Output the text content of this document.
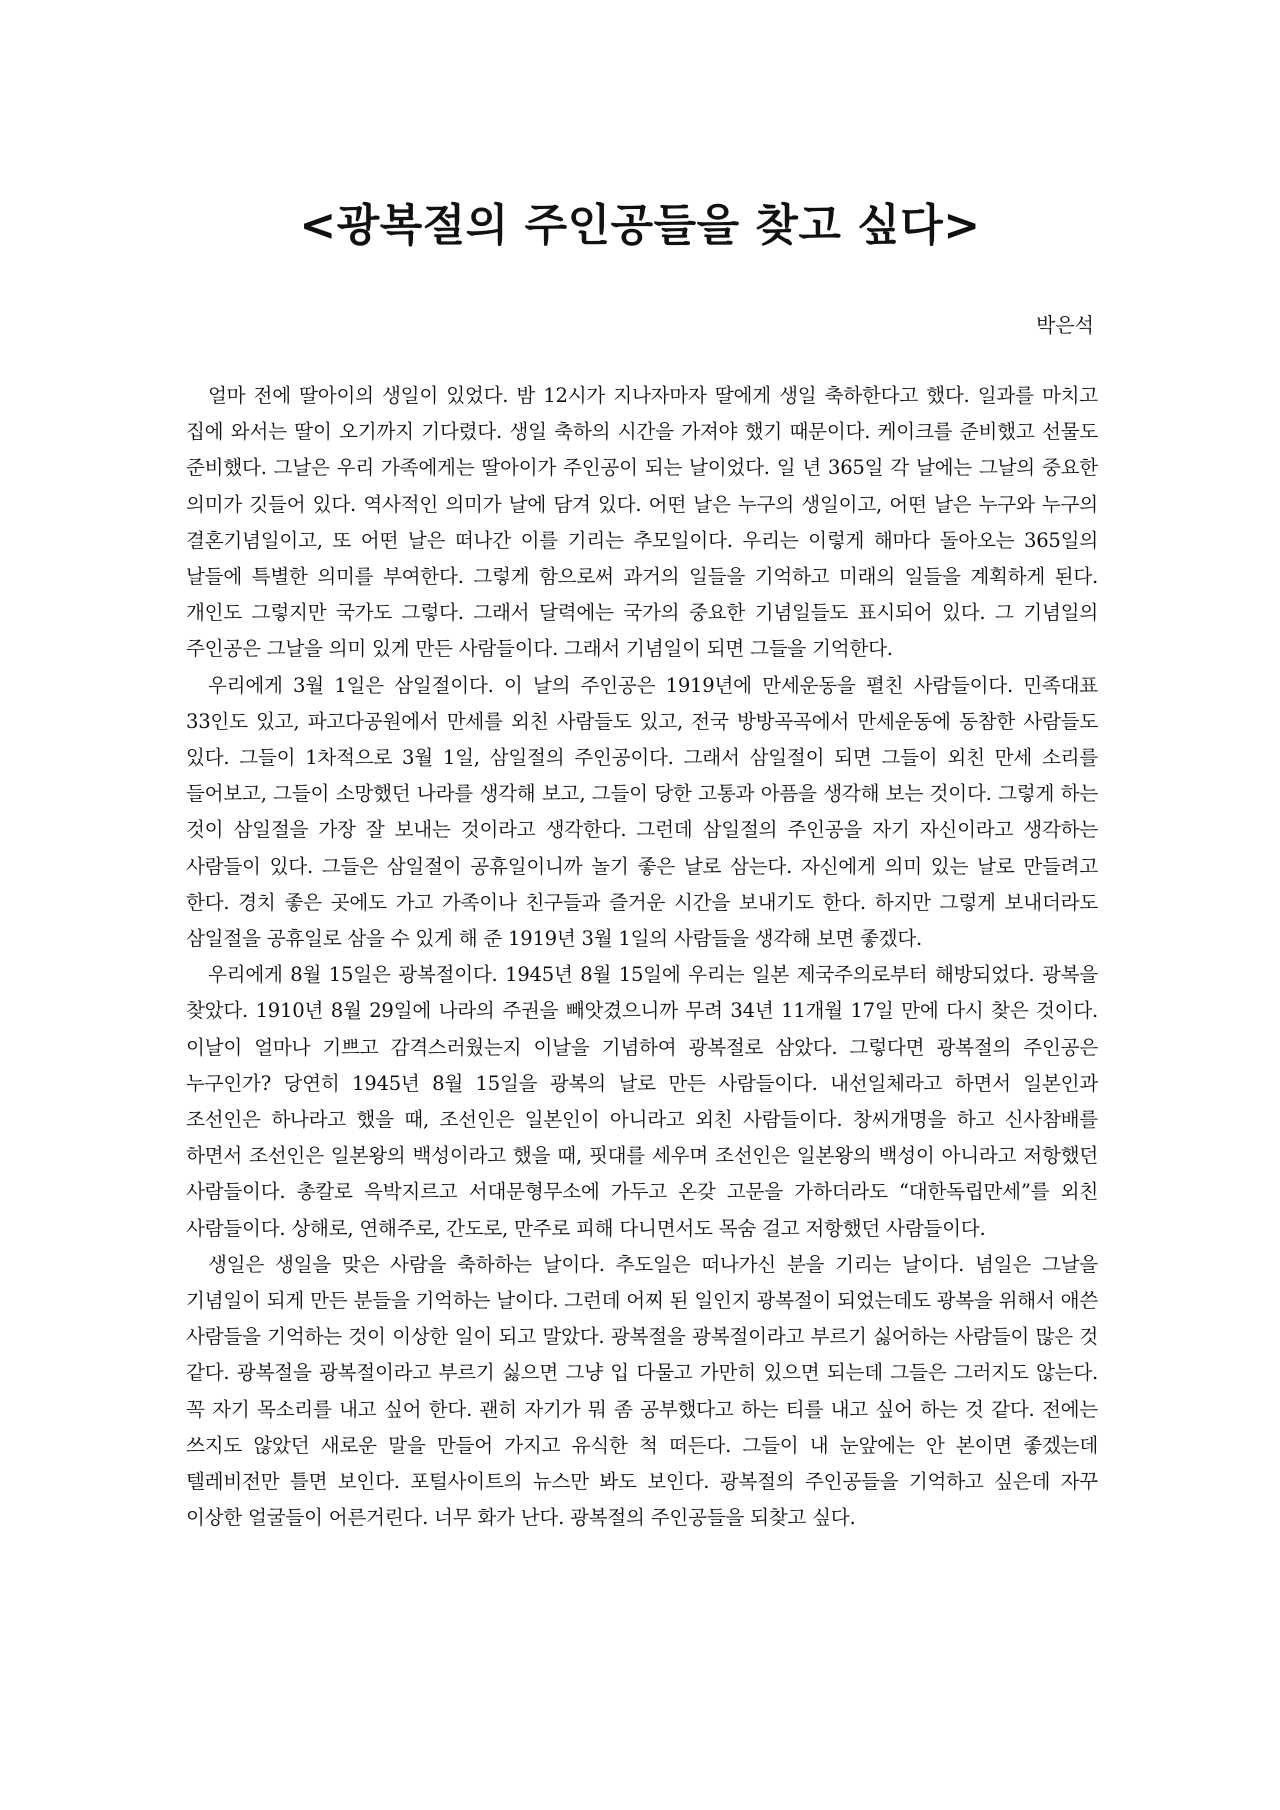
<광복절의 주인공들을 찾고 싶다>

박은석

얼마 전에 딸아이의 생일이 있었다. 밤 12시가 지나자마자 딸에게 생일 축하한다고 했다. 일과를 마치고 집에 와서는 딸이 오기까지 기다렸다. 생일 축하의 시간을 가져야 했기 때문이다. 케이크를 준비했고 선물도 준비했다. 그날은 우리 가족에게는 딸아이가 주인공이 되는 날이었다. 일 년 365일 각 날에는 그날의 중요한 의미가 깃들어 있다. 역사적인 의미가 날에 담겨 있다. 어떤 날은 누구의 생일이고, 어떤 날은 누구와 누구의 결혼기념일이고, 또 어떤 날은 떠나간 이를 기리는 추모일이다. 우리는 이렇게 해마다 돌아오는 365일의 날들에 특별한 의미를 부여한다. 그렇게 함으로써 과거의 일들을 기억하고 미래의 일들을 계획하게 된다. 개인도 그렇지만 국가도 그렇다. 그래서 달력에는 국가의 중요한 기념일들도 표시되어 있다. 그 기념일의 주인공은 그날을 의미 있게 만든 사람들이다. 그래서 기념일이 되면 그들을 기억한다.

우리에게 3월 1일은 삼일절이다. 이 날의 주인공은 1919년에 만세운동을 펼친 사람들이다. 민족대표 33인도 있고, 파고다공원에서 만세를 외친 사람들도 있고, 전국 방방곡곡에서 만세운동에 동참한 사람들도 있다. 그들이 1차적으로 3월 1일, 삼일절의 주인공이다. 그래서 삼일절이 되면 그들이 외친 만세 소리를 들어보고, 그들이 소망했던 나라를 생각해 보고, 그들이 당한 고통과 아픔을 생각해 보는 것이다. 그렇게 하는 것이 삼일절을 가장 잘 보내는 것이라고 생각한다. 그런데 삼일절의 주인공을 자기 자신이라고 생각하는 사람들이 있다. 그들은 삼일절이 공휴일이니까 놀기 좋은 날로 삼는다. 자신에게 의미 있는 날로 만들려고 한다. 경치 좋은 곳에도 가고 가족이나 친구들과 즐거운 시간을 보내기도 한다. 하지만 그렇게 보내더라도 삼일절을 공휴일로 삼을 수 있게 해 준 1919년 3월 1일의 사람들을 생각해 보면 좋겠다.

우리에게 8월 15일은 광복절이다. 1945년 8월 15일에 우리는 일본 제국주의로부터 해방되었다. 광복을 찾았다. 1910년 8월 29일에 나라의 주권을 빼앗겼으니까 무려 34년 11개월 17일 만에 다시 찾은 것이다. 이날이 얼마나 기쁘고 감격스러웠는지 이날을 기념하여 광복절로 삼았다. 그렇다면 광복절의 주인공은 누구인가? 당연히 1945년 8월 15일을 광복의 날로 만든 사람들이다. 내선일체라고 하면서 일본인과 조선인은 하나라고 했을 때, 조선인은 일본인이 아니라고 외친 사람들이다. 창씨개명을 하고 신사참배를 하면서 조선인은 일본왕의 백성이라고 했을 때, 핏대를 세우며 조선인은 일본왕의 백성이 아니라고 저항했던 사람들이다. 총칼로 윽박지르고 서대문형무소에 가두고 온갖 고문을 가하더라도 “대한독립만세”를 외친 사람들이다. 상해로, 연해주로, 간도로, 만주로 피해 다니면서도 목숨 걸고 저항했던 사람들이다.

생일은 생일을 맞은 사람을 축하하는 날이다. 추도일은 떠나가신 분을 기리는 날이다. 념일은 그날을 기념일이 되게 만든 분들을 기억하는 날이다. 그런데 어찌 된 일인지 광복절이 되었는데도 광복을 위해서 애쓴 사람들을 기억하는 것이 이상한 일이 되고 말았다. 광복절을 광복절이라고 부르기 싫어하는 사람들이 많은 것 같다. 광복절을 광복절이라고 부르기 싫으면 그냥 입 다물고 가만히 있으면 되는데 그들은 그러지도 않는다. 꼭 자기 목소리를 내고 싶어 한다. 괜히 자기가 뭐 좀 공부했다고 하는 티를 내고 싶어 하는 것 같다. 전에는 쓰지도 않았던 새로운 말을 만들어 가지고 유식한 척 떠든다. 그들이 내 눈앞에는 안 본이면 좋겠는데 텔레비전만 틀면 보인다. 포털사이트의 뉴스만 봐도 보인다. 광복절의 주인공들을 기억하고 싶은데 자꾸 이상한 얼굴들이 어른거린다. 너무 화가 난다. 광복절의 주인공들을 되찾고 싶다.
